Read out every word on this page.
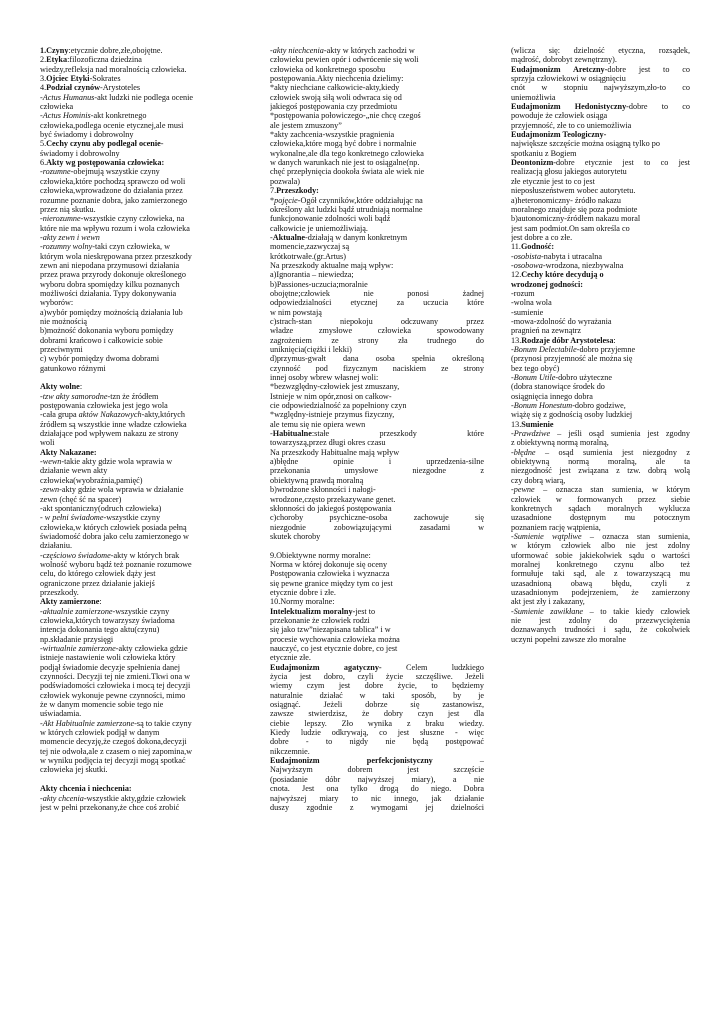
1.Czyny:etycznie dobre,złe,obojętne.

2.Etyka:filozoficzna dziedzina

wiedzy,refleksja nad moralnością człowieka.

3.Ojciec Etyki-Sokrates

4.Podział czynów-Arystoteles

-Actus Humanus-akt ludzki nie podlega ocenie

człowieka

-Actus Hominis-akt konkretnego

człowieka,podlega ocenie etycznej,ale musi

być świadomy i dobrowolny

5.Cechy czynu aby podlegał ocenie-

świadomy i dobrowolny

6.Akty wg postępowania człowieka:

-rozumne-obejmują wszystkie czyny

człowieka,które pochodzą sprawczo od woli

człowieka,wprowadzone do działania przez

rozumne poznanie dobra, jako zamierzonego

przez nią skutku.

-nierozumne-wszystkie czyny człowieka, na

które nie ma wpływu rozum i wola człowieka

-akty zewn i wewn

-rozumny wolny-taki czyn człowieka, w

którym wola nieskrępowana przez przeszkody

zewn ani niepodana przymusowi działania

przez prawa przyrody dokonuje określonego

wyboru dobra spomiędzy kilku poznanych

możliwości działania. Typy dokonywania

wyborów:

a)wybór pomiędzy możnością działania lub

nie możnością

b)możność dokonania wyboru pomiędzy

dobrami krańcowo i całkowicie sobie

przeciwnymi

c) wybór pomiędzy dwoma dobrami

gatunkowo różnymi

Akty wolne:

-tzw akty samorodne-tzn że źródłem

postępowania człowieka jest jego wola

-cała grupa aktów Nakazowych-akty,których

źródłem są wszystkie inne władze człowieka

działające pod wpływem nakazu ze strony

woli

Akty Nakazane:

-wewn-takie akty gdzie wola wprawia w

działanie wewn akty

człowieka(wyobraźnia,pamięć)

-zewn-akty gdzie wola wprawia w działanie

zewn (chęć ść na spacer)

-akt spontaniczny(odruch człowieka)

- w pełni świadome-wszystkie czyny

człowieka,w których człowiek posiada pełną

świadomość dobra jako celu zamierzonego w

działaniu.

-częściowo świadome-akty w których brak

wolność wyboru bądź też poznanie rozumowe

celu, do którego człowiek dąży jest

ograniczone przez działanie jakiejś

przeszkody.

Akty zamierzone:

-aktualnie zamierzone-wszystkie czyny

człowieka,których towarzyszy świadoma

intencja dokonania tego aktu(czynu)

np.składanie przysięgi

-wirtualnie zamierzone-akty człowieka gdzie

istnieje nastawienie woli człowieka który

podjął świadomie decyzje spełnienia danej

czynności. Decyzji tej nie zmieni.Tkwi ona w

podświadomości człowieka i mocą tej decyzji

człowiek wykonuje pewne czynności, mimo

że w danym momencie sobie tego nie

uświadamia.

-Akt Habitualnie zamierzone-są to takie czyny

w których człowiek podjął w danym

momencie decyzję,że czegoś dokona,decyzji

tej nie odwoła,ale z czasem o niej zapomina,w

w wyniku podjęcia tej decyzji mogą spotkać

człowieka jej skutki.

Akty chcenia i niechcenia:

-akty chcenia-wszystkie akty,gdzie człowiek

jest w pełni przekonany,że chce coś zrobić

-akty niechcenia-akty w których zachodzi w

człowieku pewien opór i odwrócenie się woli

człowieka od konkretnego sposobu

postępowania.Akty niechcenia dzielimy:

*akty niechciane całkowicie-akty,kiedy

człowiek swoją siłą woli odwraca się od

jakiegoś postępowania czy przedmiotu

*postępowania połowiczego-„nie chcę czegoś

ale jestem zmuszony”

*akty zachcenia-wszystkie pragnienia

człowieka,które mogą być dobre i normalnie

wykonalne,ale dla tego konkretnego człowieka

w danych warunkach nie jest to osiągalne(np.

chęć przepłynięcia dookoła świata ale wiek nie

pozwala)

7.Przeszkody:

*pojęcie-Ogół czynników,które oddziałując na

określony akt ludzki bądź utrudniają normalne

funkcjonowanie zdolności woli bądź

całkowicie je uniemożliwiają.

-Aktualne-działają w danym konkretnym

momencie,zazwyczaj są

krótkotrwałe.(gr.Artus)

Na przeszkody aktualne mają wpływ:

a)Ignorantia – niewiedza;

b)Passiones-uczucia;moralnie

obojętne;człowiek nie ponosi żadnej

odpowiedzialności etycznej za uczucia które

w nim powstają

c)strach-stan niepokoju odczuwany przez

władze zmysłowe człowieka spowodowany

zagrożeniem ze strony zła trudnego do

uniknięcia(ciężki i lekki)

d)przymus-gwałt dana osoba spełnia określoną

czynność pod fizycznym naciskiem ze strony

innej osoby wbrew własnej woli:

*bezwzględny-człowiek jest zmuszany,

Istnieje w nim opór,znosi on całkow-

cie odpowiedzialność za popełniony czyn

*względny-istnieje przymus fizyczny,

ale temu się nie opiera wewn

-Habitualne:stałe przeszkody które

towarzyszą,przez długi okres czasu

Na przeszkody Habitualne mają wpływ

a)błędne opinie i uprzedzenia-silne

przekonania umysłowe niezgodne z

obiektywną prawdą moralną

b)wrodzone skłonności i nałogi-

wrodzone,często przekazywane genet.

skłonności do jakiegoś postępowania

c)choroby psychiczne-osoba zachowuje się

niezgodnie zobowiązującymi zasadami w

skutek choroby

9.Obiektywne normy moralne:

Norma w której dokonuje się oceny

Postępowania człowieka i wyznacza

się pewne granice między tym co jest

etycznie dobre i złe.

10.Normy moralne:

Intelektualizm moralny-jest to

przekonanie że człowiek rodzi

się jako tzw”niezapisana tablica” i w

procesie wychowania człowieka można

nauczyć, co jest etycznie dobre, co jest

etycznie złe.

Eudajmonizm agatyczny- Celem ludzkiego

życia jest dobro, czyli życie szczęśliwe. Jeżeli

wiemy czym jest dobre życie, to będziemy

naturalnie działać w taki sposób, by je

osiągnąć. Jeżeli dobrze się zastanowisz,

zawsze stwierdzisz, że dobry czyn jest dla

ciebie lepszy. Zło wynika z braku wiedzy.

Kiedy ludzie odkrywają, co jest słuszne - więc

dobre - to nigdy nie będą postępować

nikczemnie.

Eudajmonizm perfekcjonistyczny –

Najwyższym dobrem jest szczęście

(posiadanie dóbr najwyższej miary), a nie

cnota. Jest ona tylko drogą do niego. Dobra

najwyższej miary to nic innego, jak działanie

duszy zgodnie z wymogami jej dzielności

(wlicza się: dzielność etyczna, rozsądek,

mądrość, dobrobyt zewnętrzny).

Eudajmonizm Aretczny-dobre jest to co

sprzyja człowiekowi w osiągnięciu

cnót w stopniu najwyższym,zło-to co

uniemożliwia

Eudajmonizm Hedonistyczny-dobre to co

powoduje że człowiek osiąga

przyjemność, złe to co uniemożliwia

Eudajmonizm Teologiczny-

największe szczęście można osiągną tylko po

spotkaniu z Bogiem

Deontonizm-dobre etycznie jest to co jest

realizacją głosu jakiegos autorytetu

złe etycznie jest to co jest

nieposłuszeństwem wobec autorytetu.

a)heteronomiczny- źródło nakazu

moralnego znajduje się poza podmiote

b)autonomiczny-źródłem nakazu moral

jest sam podmiot.On sam określa co

jest dobre a co złe.

11.Godność:

-osobista-nabyta i utracalna

-osobowa-wrodzona, niezbywalna

12.Cechy które decydują o

wrodzonej godności:

-rozum

-wolna wola

-sumienie

-mowa-zdolność do wyrażania

pragnień na zewnątrz

13.Rodzaje dóbr Arystotelesa:

-Bonum Delectabile-dobro przyjemne

(przynosi przyjemność ale można się

bez tego obyć)

-Bonum Utile-dobro użyteczne

(dobra stanowiące środek do

osiągnięcia innego dobra

-Bonum Honestum-dobro godziwe,

wiążę się z godnością osoby ludzkiej

13.Sumienie

-Prawdziwe – jeśli osąd sumienia jest zgodny

z obiektywną normą moralną,

-błędne – osąd sumienia jest niezgodny z

obiektywną normą moralną, ale ta

niezgodność jest związana z tzw. dobrą wolą

czy dobrą wiarą,

-pewne – oznacza stan sumienia, w którym

człowiek w formowanych przez siebie

konkretnych sądach moralnych wyklucza

uzasadnione dostępnym mu potocznym

poznaniem rację wątpienia,

-Sumienie wątpliwe – oznacza stan sumienia,

w którym człowiek albo nie jest zdolny

uformować sobie jakiekolwiek sądu o wartości

moralnej konkretnego czynu albo też

formułuje taki sąd, ale z towarzyszącą mu

uzasadnioną obawą błędu, czyli z

uzasadnionym podejrzeniem, że zamierzony

akt jest zły i zakazany,

-Sumienie zawikłane – to takie kiedy człowiek

nie jest zdolny do przezwyciężenia

doznawanych trudności i sądu, że cokolwiek

uczyni popełni zawsze zło moralne
